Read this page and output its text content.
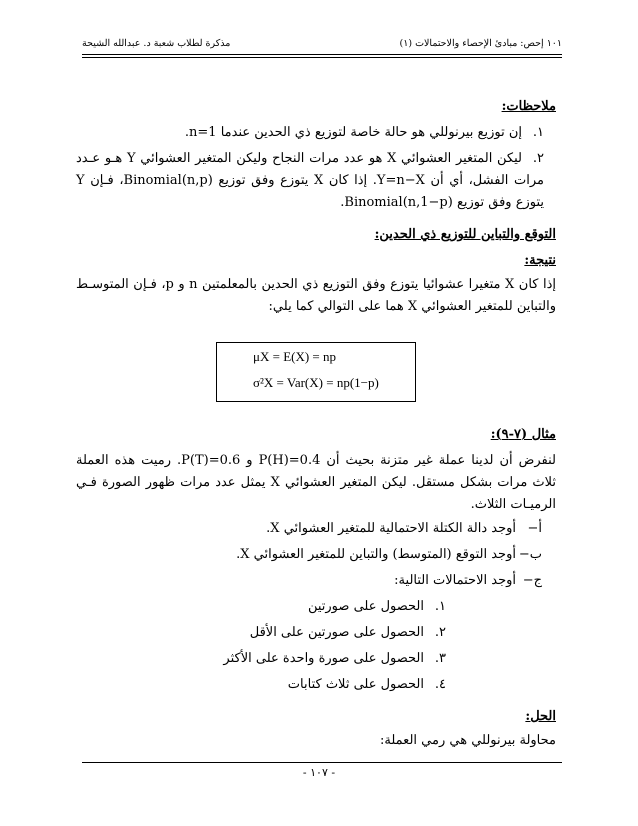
١٠١ إحص: مبادئ الإحصاء والاحتمالات (١)
مذكرة لطلاب شعبة د. عبدالله الشيحة
ملاحظات:
١.إن توزيع بيرنوللي هو حالة خاصة لتوزيع ذي الحدين عندما n=1.
٢.ليكن المتغير العشوائي X هو عدد مرات النجاح وليكن المتغير العشوائي Y هـو عـدد مرات الفشل، أي أن Y=n−X. إذا كان X يتوزع وفق توزيع Binomial(n,p)، فـإن Y يتوزع وفق توزيع Binomial(n,1−p).
التوقع والتباين للتوزيع ذي الحدين:
نتيجة:
إذا كان X متغيرا عشوائيا يتوزع وفق التوزيع ذي الحدين بالمعلمتين n و p، فـإن المتوسـط والتباين للمتغير العشوائي X هما على التوالي كما يلي:
μX = E(X) = np
σ²X = Var(X) = np(1−p)
مثال (٧-٩):
لنفرض أن لدينا عملة غير متزنة بحيث أن P(H)=0.4 و P(T)=0.6. رميت هذه العملة ثلاث مرات بشكل مستقل. ليكن المتغير العشوائي X يمثل عدد مرات ظهور الصورة فـي الرميـات الثلاث.
أ−أوجد دالة الكتلة الاحتمالية للمتغير العشوائي X.
ب−أوجد التوقع (المتوسط) والتباين للمتغير العشوائي X.
ج−أوجد الاحتمالات التالية:
١.الحصول على صورتين
٢.الحصول على صورتين على الأقل
٣.الحصول على صورة واحدة على الأكثر
٤.الحصول على ثلاث كتابات
الحل:
محاولة بيرنوللي هي رمي العملة:
- ١٠٧ -
